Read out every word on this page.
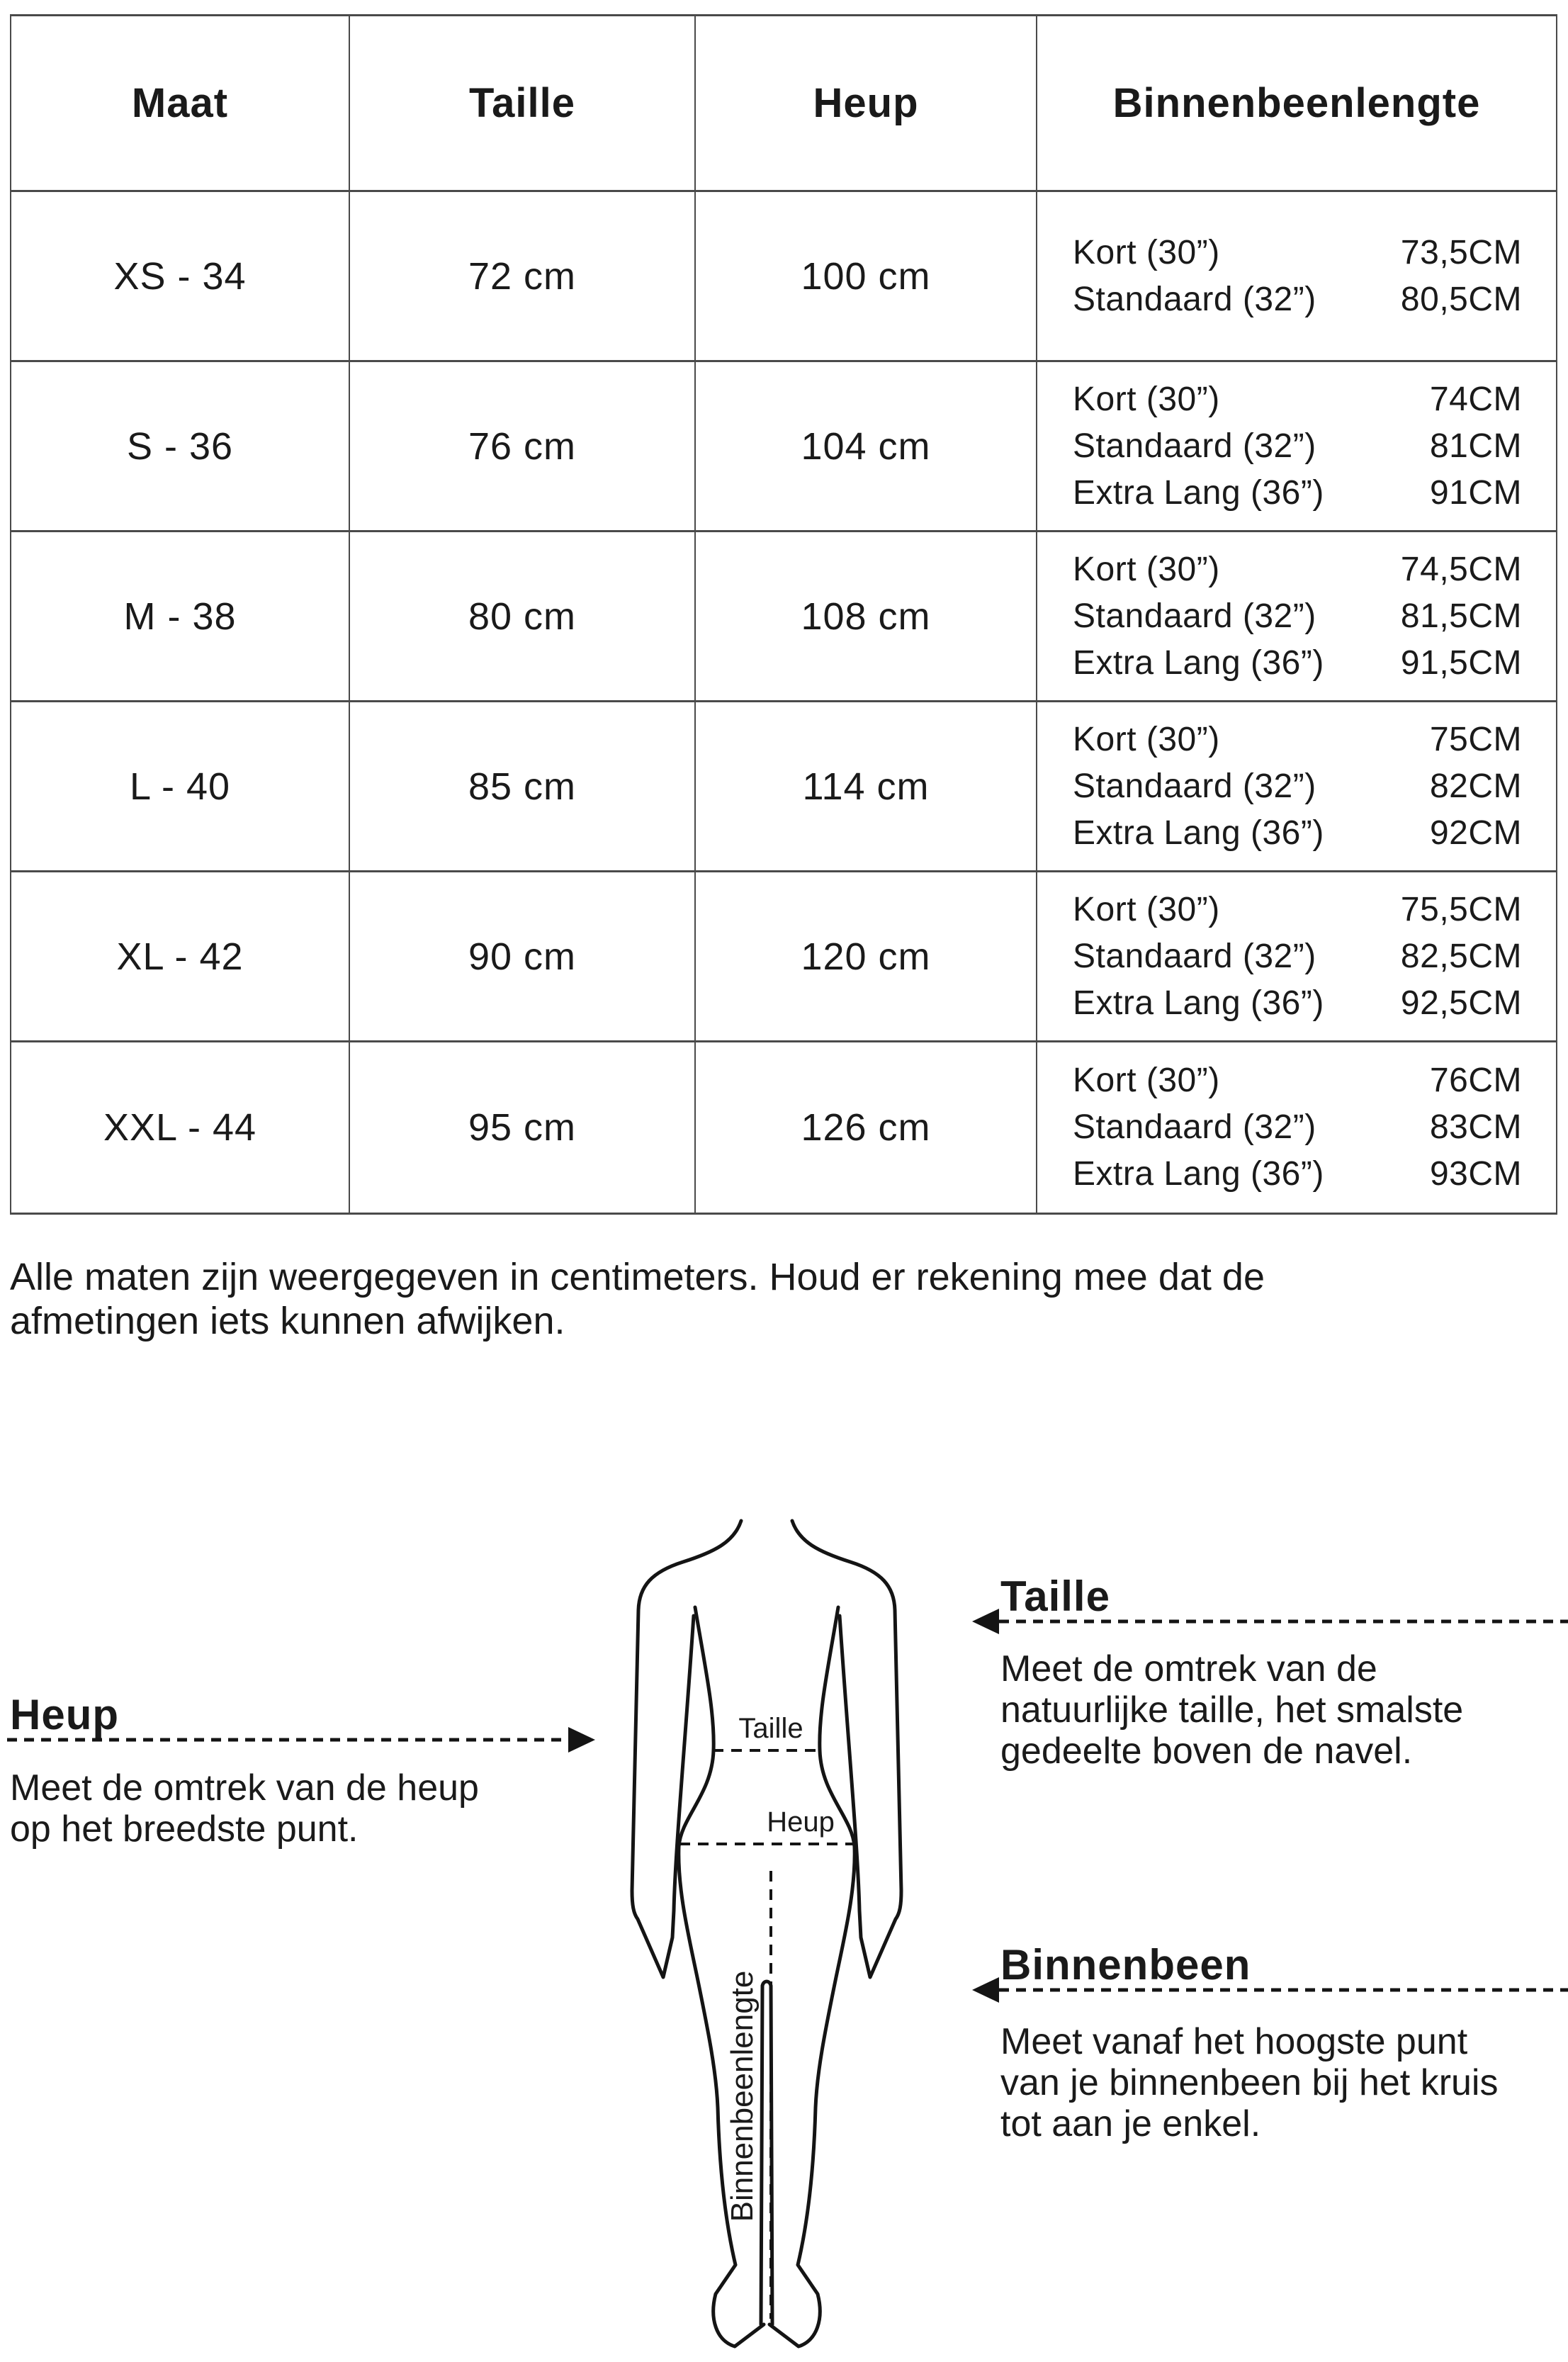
Maat	Taille	Heup	Binnenbeenlengte
XS - 34	72 cm	100 cm
Kort (30”)	73,5CM
Standaard (32”) 80,5CM
S - 36	76 cm	104 cm
Kort (30”)	74CM
Standaard (32”)	81CM
Extra Lang (36”)	91CM
M - 38	80 cm	108 cm
Kort (30”)	74,5CM
Standaard (32”) 81,5CM
Extra Lang (36”) 91,5CM
L - 40	85 cm	114 cm
Kort (30”)	75CM
Standaard (32”)	82CM
Extra Lang (36”)	92CM
XL - 42	90 cm	120 cm
Kort (30”)	75,5CM
Standaard (32”) 82,5CM
Extra Lang (36”) 92,5CM
XXL - 44	95 cm	126 cm
Kort (30”)	76CM
Standaard (32”)	83CM
Extra Lang (36”)	93CM
Alle maten zijn weergegeven in centimeters. Houd er rekening mee dat de
afmetingen iets kunnen afwijken.
Taille
Meet de omtrek van de
natuurlijke taille, het smalste
gedeelte boven de navel.
Heup
Meet de omtrek van de heup
op het breedste punt.
Binnenbeen
Meet vanaf het hoogste punt
van je binnenbeen bij het kruis
tot aan je enkel.
Taille
Heup
Binnenbeenlengte
